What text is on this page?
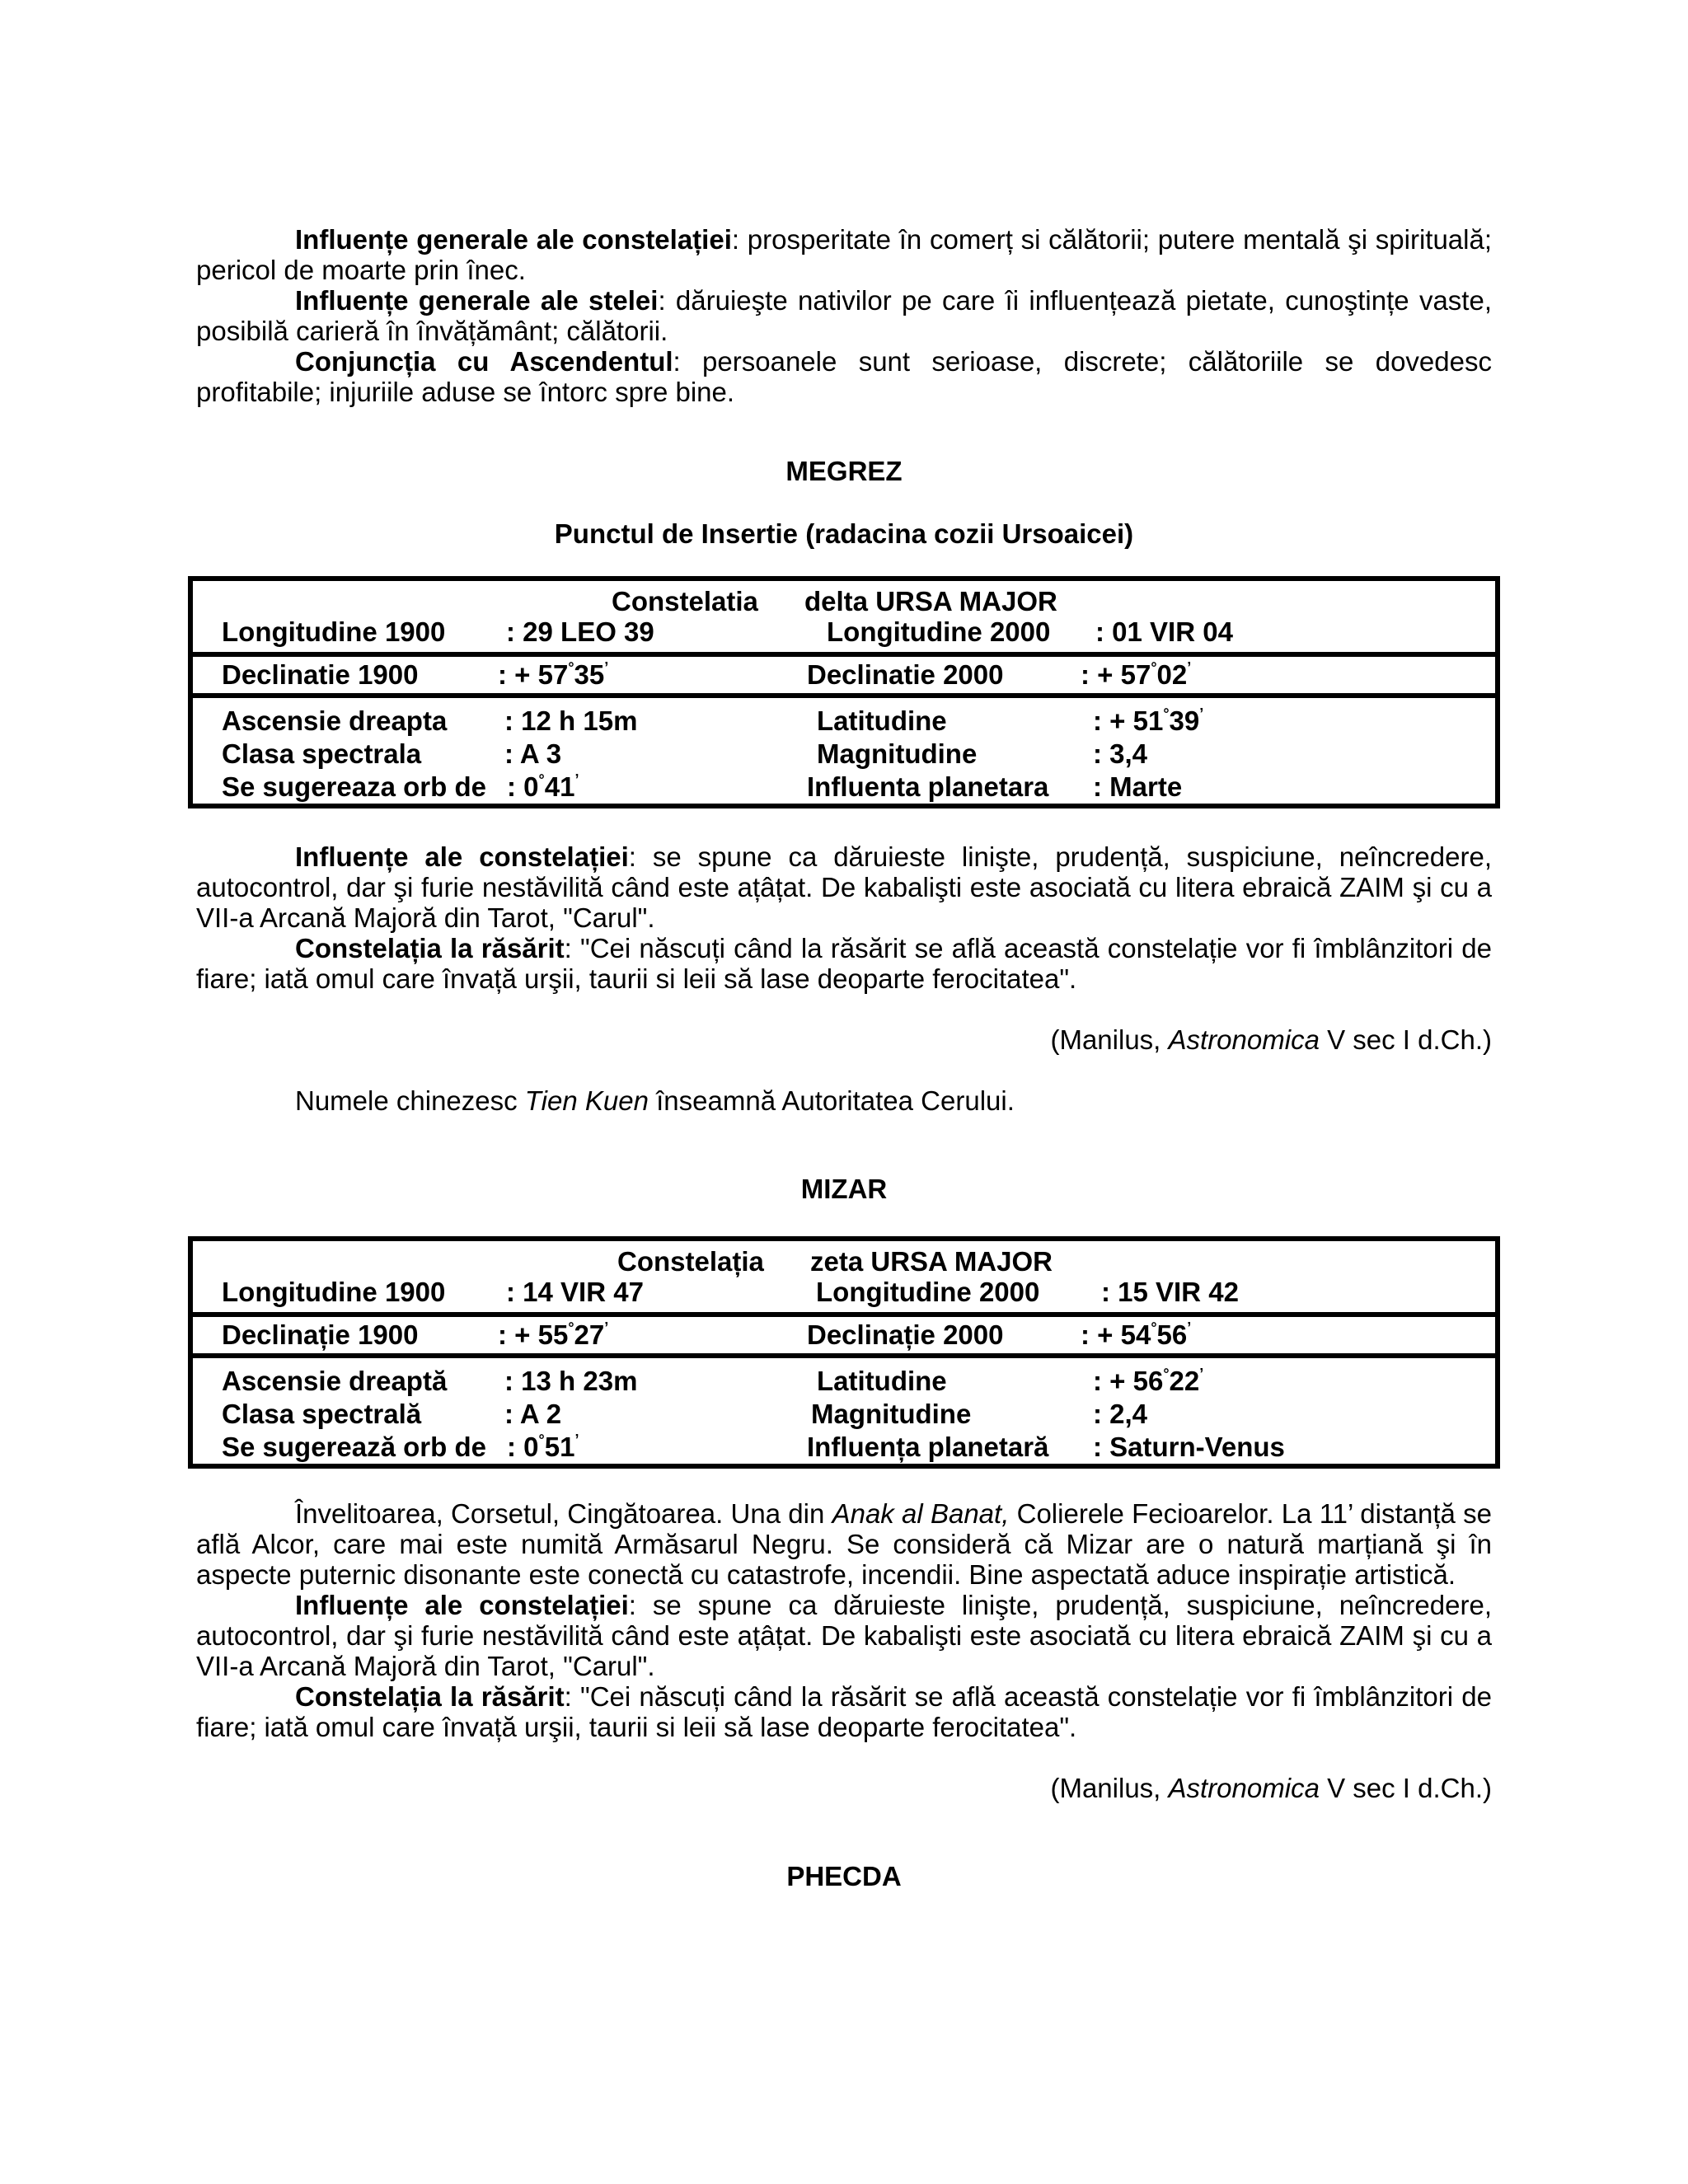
Influențe generale ale constelației: prosperitate în comerț si călătorii; putere mentală şi spirituală; pericol de moarte prin înec.

Influențe generale ale stelei: dăruieşte nativilor pe care îi influențează pietate, cunoştințe vaste, posibilă carieră în învățământ; călătorii.

Conjuncția cu Ascendentul: persoanele sunt serioase, discrete; călătoriile se dovedesc profitabile; injuriile aduse se întorc spre bine.

MEGREZ
Punctul de Insertie (radacina cozii Ursoaicei)
Constelatia delta URSA MAJOR
Longitudine 1900 : 29 LEO 39	Longitudine 2000 : 01 VIR 04
Declinatie 1900	: + 57°35’	Declinatie 2000	: + 57°02’
Ascensie dreapta : 12 h 15m	Latitudine	: + 51°39’
Clasa spectrala	: A 3	Magnitudine	: 3,4
Se sugereaza orb de : 0°41’	Influenta planetara : Marte

Influențe ale constelației: se spune ca dăruieste linişte, prudență, suspiciune, neîncredere, autocontrol, dar şi furie nestăvilită când este ațâțat. De kabalişti este asociată cu litera ebraică ZAIM şi cu a VII-a Arcană Majoră din Tarot, "Carul".

Constelația la răsărit: "Cei născuți când la răsărit se află această constelație vor fi îmblânzitori de fiare; iată omul care învață urşii, taurii si leii să lase deoparte ferocitatea".

(Manilus, Astronomica V sec I d.Ch.)

Numele chinezesc Tien Kuen înseamnă Autoritatea Cerului.

MIZAR
Constelația zeta URSA MAJOR
Longitudine 1900 : 14 VIR 47	Longitudine 2000 : 15 VIR 42
Declinație 1900	: + 55°27’	Declinație 2000	: + 54°56’
Ascensie dreaptă : 13 h 23m	Latitudine	: + 56°22’
Clasa spectrală	: A 2	Magnitudine	: 2,4
Se sugerează orb de : 0°51’	Influența planetară : Saturn-Venus

Învelitoarea, Corsetul, Cingătoarea. Una din Anak al Banat, Colierele Fecioarelor. La 11’ distanță se află Alcor, care mai este numită Armăsarul Negru. Se consideră că Mizar are o natură marțiană şi în aspecte puternic disonante este conectă cu catastrofe, incendii. Bine aspectată aduce inspirație artistică.

Influențe ale constelației: se spune ca dăruieste linişte, prudență, suspiciune, neîncredere, autocontrol, dar şi furie nestăvilită când este ațâțat. De kabalişti este asociată cu litera ebraică ZAIM şi cu a VII-a Arcană Majoră din Tarot, "Carul".

Constelația la răsărit: "Cei născuți când la răsărit se află această constelație vor fi îmblânzitori de fiare; iată omul care învață urşii, taurii si leii să lase deoparte ferocitatea".

(Manilus, Astronomica V sec I d.Ch.)

PHECDA
